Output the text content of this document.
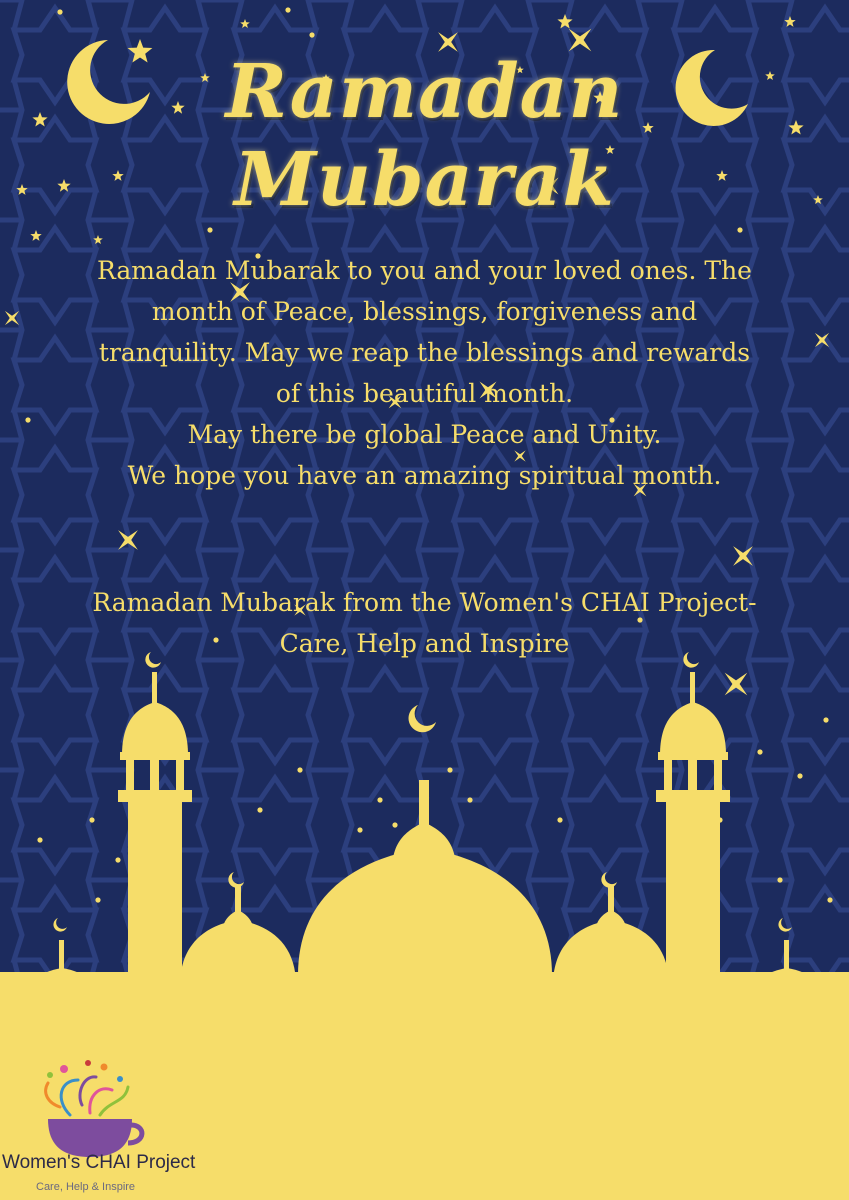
Ramadan
Mubarak
Ramadan Mubarak to you and your loved ones. The
month of Peace, blessings, forgiveness and
tranquility. May we reap the blessings and rewards
of this beautiful month.
May there be global Peace and Unity.
We hope you have an amazing spiritual month.
Ramadan Mubarak from the Women's CHAI Project-
Care, Help and Inspire
Women's CHAI Project
Care, Help & Inspire
